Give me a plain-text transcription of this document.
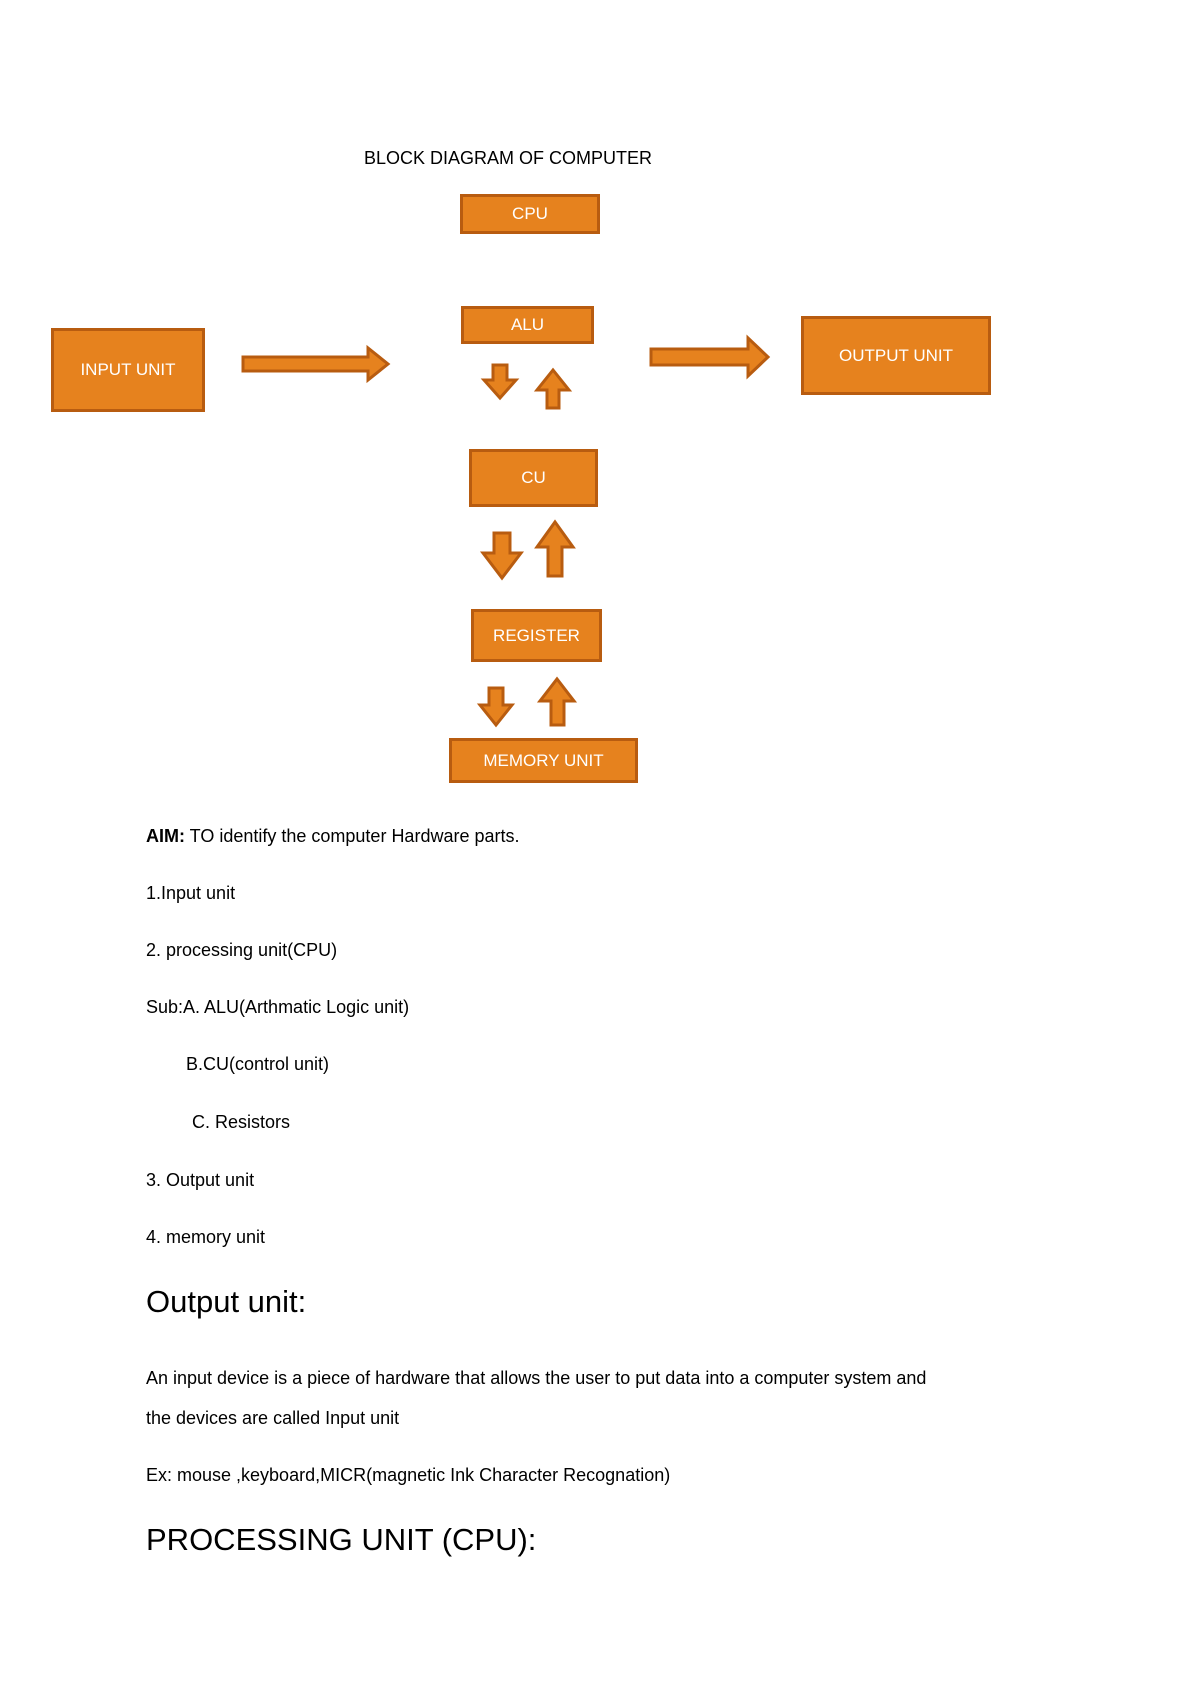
BLOCK DIAGRAM OF COMPUTER
CPU
ALU
CU
REGISTER
MEMORY UNIT
INPUT UNIT
OUTPUT UNIT
AIM: TO identify the computer Hardware parts.
1.Input unit
2. processing unit(CPU)
Sub:A. ALU(Arthmatic Logic unit)
B.CU(control unit)
C. Resistors
3. Output unit
4. memory unit
Output unit:
An input device is a piece of hardware that allows the user to put data into a computer system and
the devices are called Input unit
Ex: mouse ,keyboard,MICR(magnetic Ink Character Recognation)
PROCESSING UNIT (CPU):
